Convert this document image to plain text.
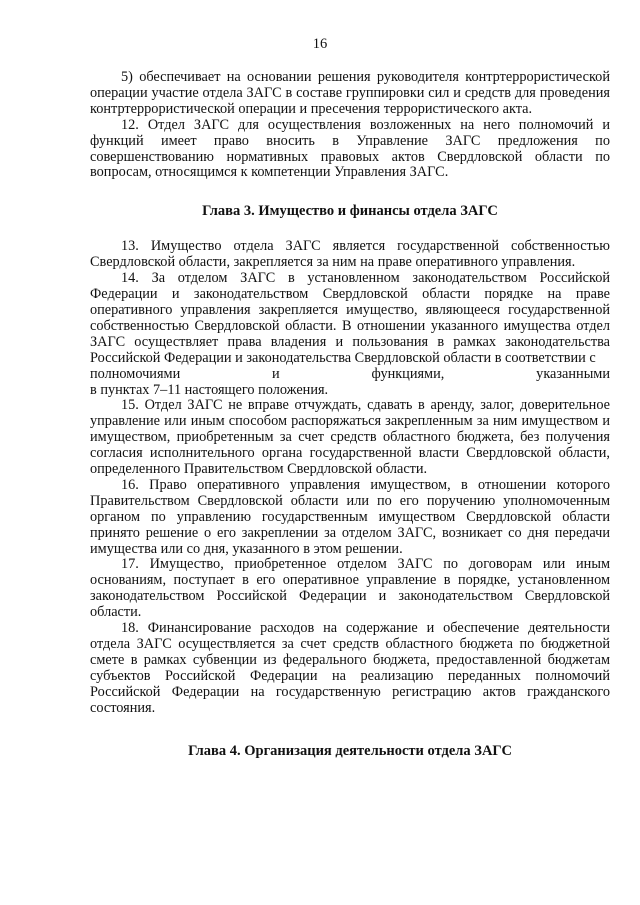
16

5) обеспечивает на основании решения руководителя контртеррористической операции участие отдела ЗАГС в составе группировки сил и средств для проведения контртеррористической операции и пресечения террористического акта.

12. Отдел ЗАГС для осуществления возложенных на него полномочий и функций имеет право вносить в Управление ЗАГС предложения по совершенствованию нормативных правовых актов Свердловской области по вопросам, относящимся к компетенции Управления ЗАГС.

Глава 3. Имущество и финансы отдела ЗАГС

13. Имущество отдела ЗАГС является государственной собственностью Свердловской области, закрепляется за ним на праве оперативного управления.

14. За отделом ЗАГС в установленном законодательством Российской Федерации и законодательством Свердловской области порядке на праве оперативного управления закрепляется имущество, являющееся государственной собственностью Свердловской области. В отношении указанного имущества отдел ЗАГС осуществляет права владения и пользования в рамках законодательства Российской Федерации и законодательства Свердловской области в соответствии с

полномочиями	и	функциями,	указанными

в пунктах 7–11 настоящего положения.

15. Отдел ЗАГС не вправе отчуждать, сдавать в аренду, залог, доверительное управление или иным способом распоряжаться закрепленным за ним имуществом и имуществом, приобретенным за счет средств областного бюджета, без получения согласия исполнительного органа государственной власти Свердловской области, определенного Правительством Свердловской области.

16. Право оперативного управления имуществом, в отношении которого Правительством Свердловской области или по его поручению уполномоченным органом по управлению государственным имуществом Свердловской области принято решение о его закреплении за отделом ЗАГС, возникает со дня передачи имущества или со дня, указанного в этом решении.

17. Имущество, приобретенное отделом ЗАГС по договорам или иным основаниям, поступает в его оперативное управление в порядке, установленном законодательством Российской Федерации и законодательством Свердловской области.

18. Финансирование расходов на содержание и обеспечение деятельности отдела ЗАГС осуществляется за счет средств областного бюджета по бюджетной смете в рамках субвенции из федерального бюджета, предоставленной бюджетам субъектов Российской Федерации на реализацию переданных полномочий Российской Федерации на государственную регистрацию актов гражданского состояния.

Глава 4. Организация деятельности отдела ЗАГС
